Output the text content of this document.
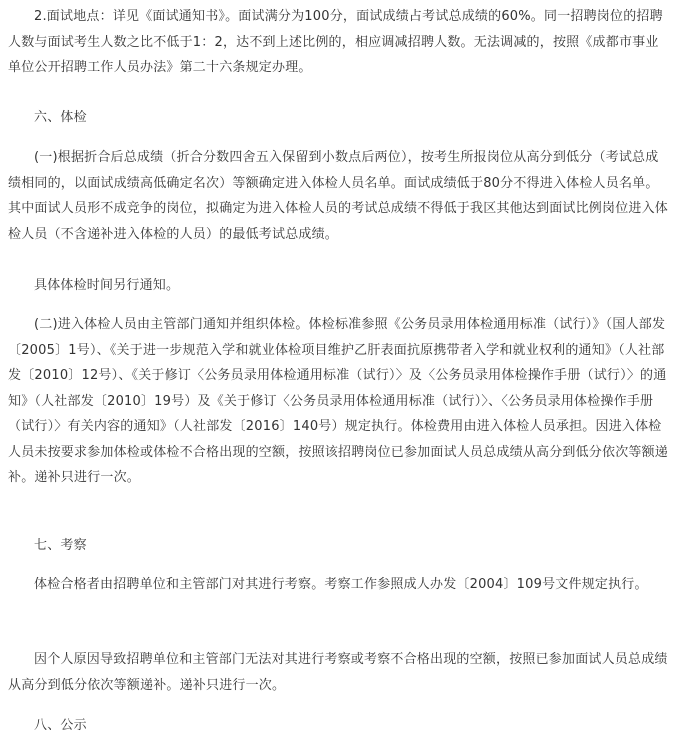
2.面试地点：详见《面试通知书》。面试满分为100分，面试成绩占考试总成绩的60%。同一招聘岗位的招聘人数与面试考生人数之比不低于1：2，达不到上述比例的，相应调减招聘人数。无法调减的，按照《成都市事业单位公开招聘工作人员办法》第二十六条规定办理。

六、体检

(一)根据折合后总成绩（折合分数四舍五入保留到小数点后两位），按考生所报岗位从高分到低分（考试总成绩相同的，以面试成绩高低确定名次）等额确定进入体检人员名单。面试成绩低于80分不得进入体检人员名单。其中面试人员形不成竞争的岗位，拟确定为进入体检人员的考试总成绩不得低于我区其他达到面试比例岗位进入体检人员（不含递补进入体检的人员）的最低考试总成绩。

具体体检时间另行通知。

(二)进入体检人员由主管部门通知并组织体检。体检标准参照《公务员录用体检通用标准（试行）》（国人部发〔2005〕1号）、《关于进一步规范入学和就业体检项目维护乙肝表面抗原携带者入学和就业权利的通知》（人社部发〔2010〕12号）、《关于修订〈公务员录用体检通用标准（试行）〉及〈公务员录用体检操作手册（试行）〉的通知》（人社部发〔2010〕19号）及《关于修订〈公务员录用体检通用标准（试行）〉、〈公务员录用体检操作手册（试行）〉有关内容的通知》（人社部发〔2016〕140号）规定执行。体检费用由进入体检人员承担。因进入体检人员未按要求参加体检或体检不合格出现的空额，按照该招聘岗位已参加面试人员总成绩从高分到低分依次等额递补。递补只进行一次。

七、考察

体检合格者由招聘单位和主管部门对其进行考察。考察工作参照成人办发〔2004〕109号文件规定执行。

因个人原因导致招聘单位和主管部门无法对其进行考察或考察不合格出现的空额，按照已参加面试人员总成绩从高分到低分依次等额递补。递补只进行一次。

八、公示
